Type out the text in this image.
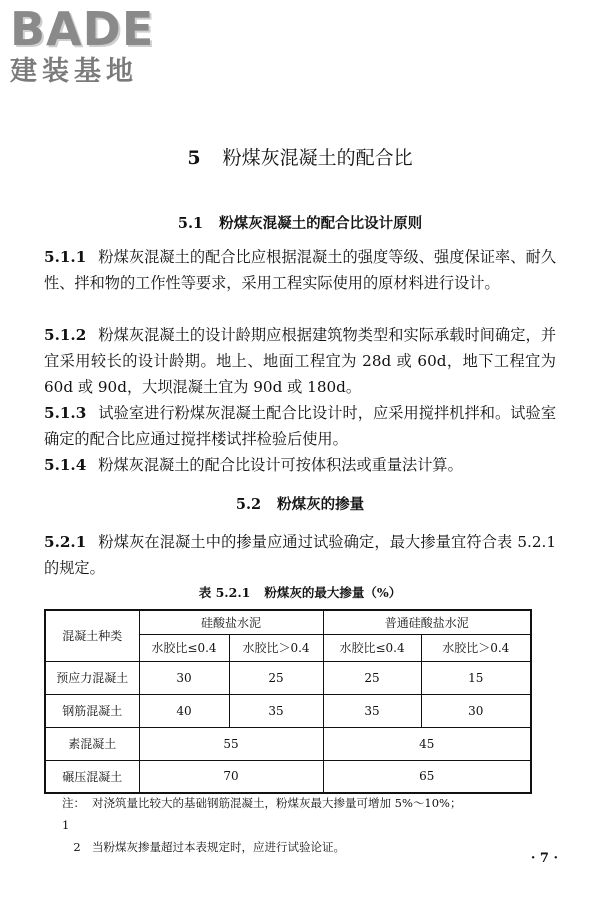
BADE
建装基地
5 粉煤灰混凝土的配合比
5.1 粉煤灰混凝土的配合比设计原则
5.1.1 粉煤灰混凝土的配合比应根据混凝土的强度等级、强度保证率、耐久性、拌和物的工作性等要求，采用工程实际使用的原材料进行设计。
5.1.2 粉煤灰混凝土的设计龄期应根据建筑物类型和实际承载时间确定，并宜采用较长的设计龄期。地上、地面工程宜为 28d 或 60d，地下工程宜为 60d 或 90d，大坝混凝土宜为 90d 或 180d。
5.1.3 试验室进行粉煤灰混凝土配合比设计时，应采用搅拌机拌和。试验室确定的配合比应通过搅拌楼试拌检验后使用。
5.1.4 粉煤灰混凝土的配合比设计可按体积法或重量法计算。
5.2 粉煤灰的掺量
5.2.1 粉煤灰在混凝土中的掺量应通过试验确定，最大掺量宜符合表 5.2.1 的规定。
表 5.2.1 粉煤灰的最大掺量（%）
混凝土种类	硅酸盐水泥		普通硅酸盐水泥	
	水胶比≤0.4	水胶比＞0.4	水胶比≤0.4	水胶比＞0.4
预应力混凝土	30	25	25	15
钢筋混凝土	40	35	35	30
素混凝土	55		45	
碾压混凝土	70		65	
注：1
对浇筑量比较大的基础钢筋混凝土，粉煤灰最大掺量可增加 5%～10%；
2 当粉煤灰掺量超过本表规定时，应进行试验论证。
· 7 ·
